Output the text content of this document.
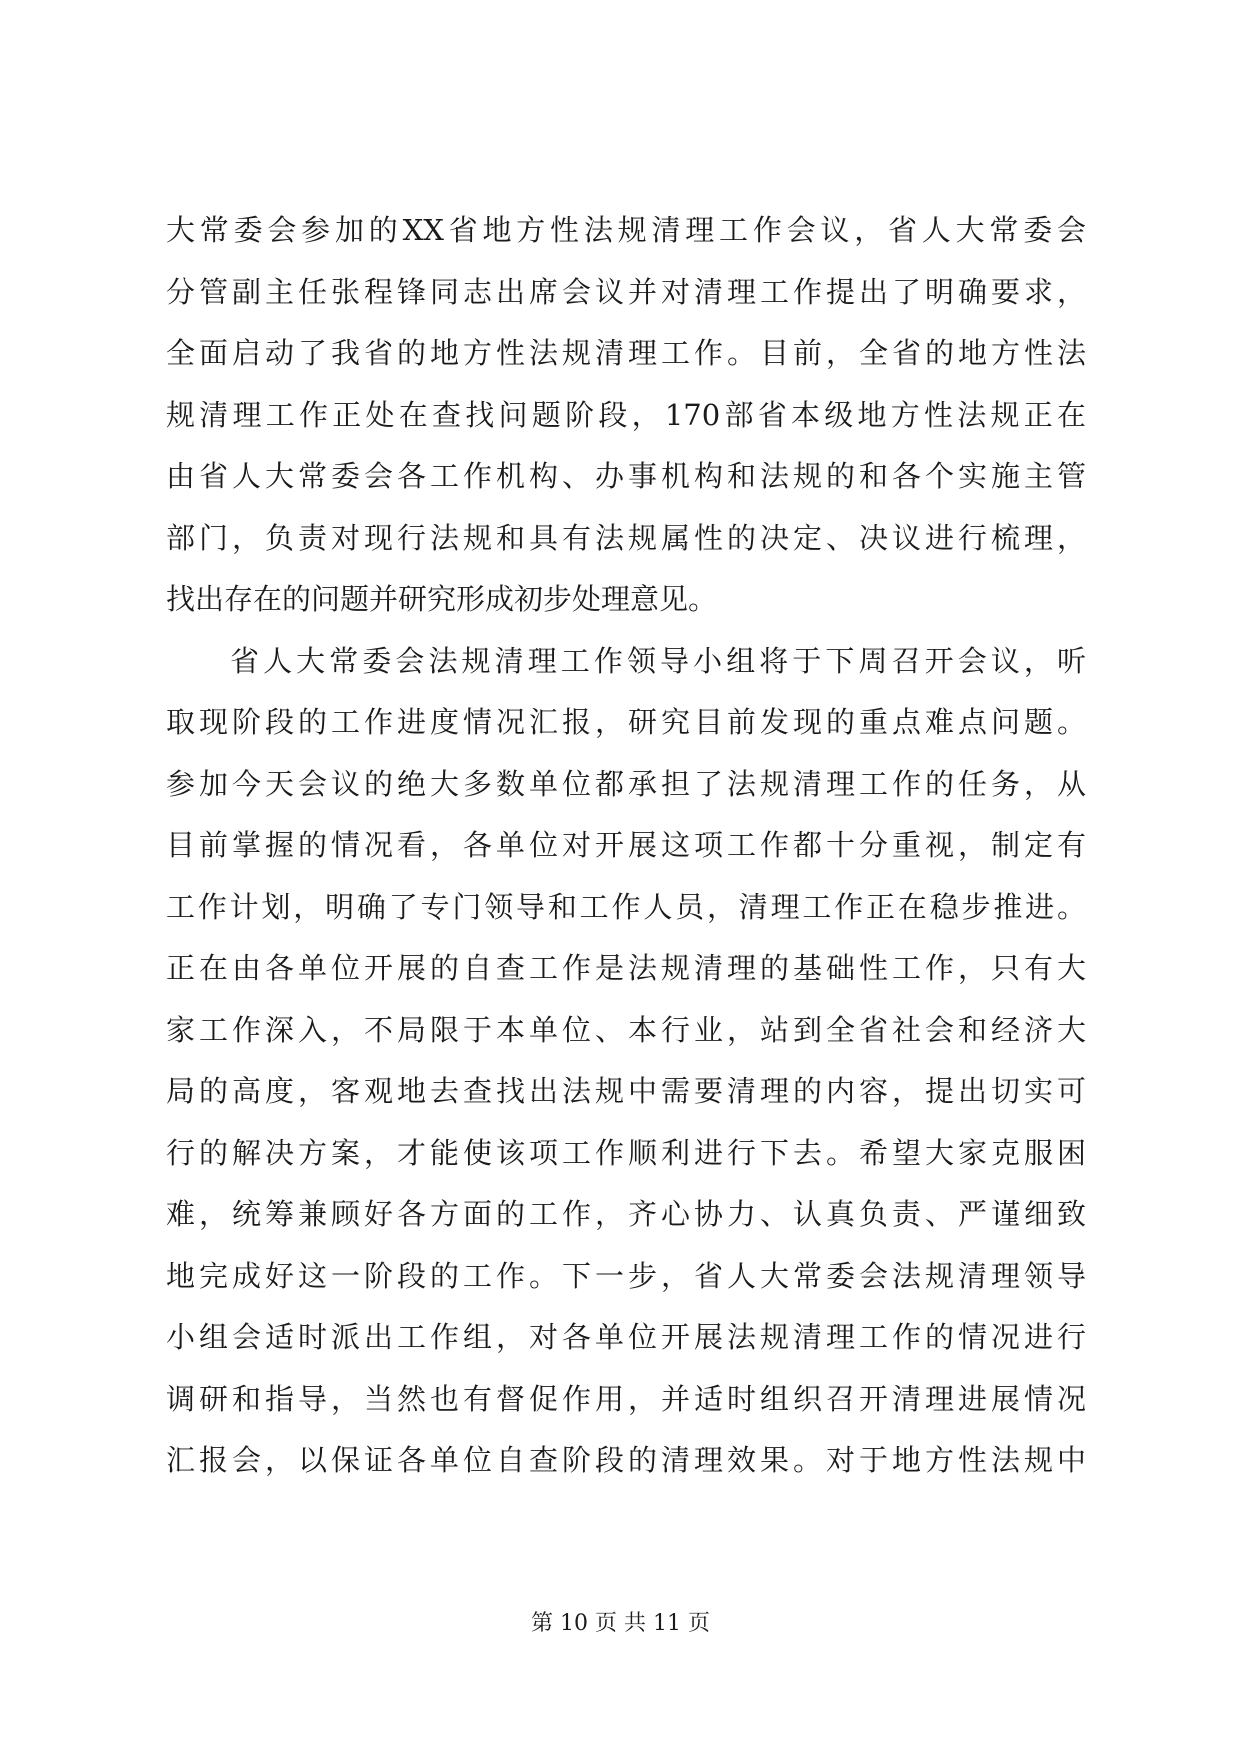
大常委会参加的XX省地方性法规清理工作会议，省人大常委会
分管副主任张程锋同志出席会议并对清理工作提出了明确要求，
全面启动了我省的地方性法规清理工作。目前，全省的地方性法
规清理工作正处在查找问题阶段，170部省本级地方性法规正在
由省人大常委会各工作机构、办事机构和法规的和各个实施主管
部门，负责对现行法规和具有法规属性的决定、决议进行梳理，
找出存在的问题并研究形成初步处理意见。
省人大常委会法规清理工作领导小组将于下周召开会议，听
取现阶段的工作进度情况汇报，研究目前发现的重点难点问题。
参加今天会议的绝大多数单位都承担了法规清理工作的任务，从
目前掌握的情况看，各单位对开展这项工作都十分重视，制定有
工作计划，明确了专门领导和工作人员，清理工作正在稳步推进。
正在由各单位开展的自查工作是法规清理的基础性工作，只有大
家工作深入，不局限于本单位、本行业，站到全省社会和经济大
局的高度，客观地去查找出法规中需要清理的内容，提出切实可
行的解决方案，才能使该项工作顺利进行下去。希望大家克服困
难，统筹兼顾好各方面的工作，齐心协力、认真负责、严谨细致
地完成好这一阶段的工作。下一步，省人大常委会法规清理领导
小组会适时派出工作组，对各单位开展法规清理工作的情况进行
调研和指导，当然也有督促作用，并适时组织召开清理进展情况
汇报会，以保证各单位自查阶段的清理效果。对于地方性法规中
第 10 页 共 11 页
